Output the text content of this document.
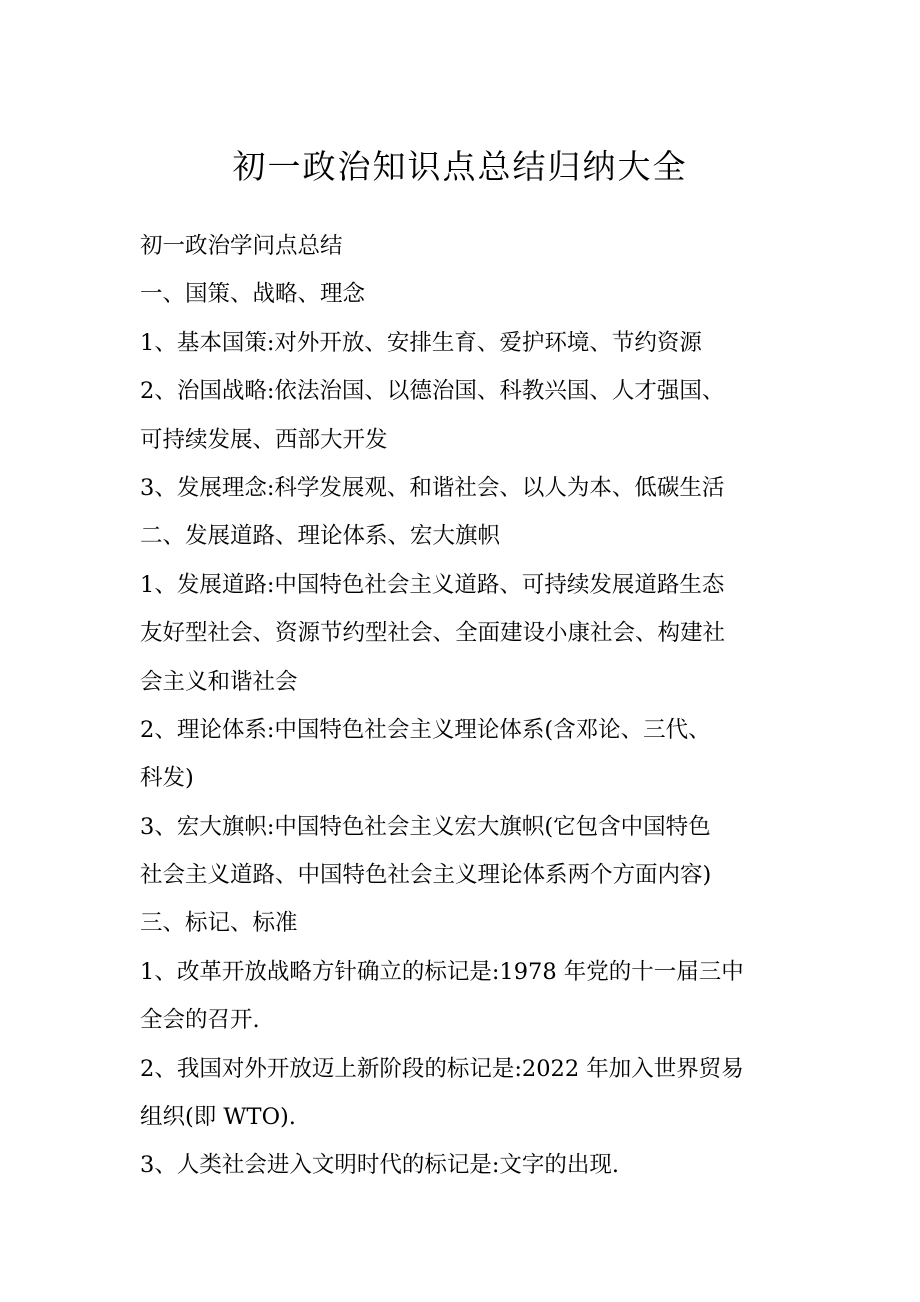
初一政治知识点总结归纳大全
初一政治学问点总结
一、国策、战略、理念
1、基本国策:对外开放、安排生育、爱护环境、节约资源
2、治国战略:依法治国、以德治国、科教兴国、人才强国、
可持续发展、西部大开发
3、发展理念:科学发展观、和谐社会、以人为本、低碳生活
二、发展道路、理论体系、宏大旗帜
1、发展道路:中国特色社会主义道路、可持续发展道路生态
友好型社会、资源节约型社会、全面建设小康社会、构建社
会主义和谐社会
2、理论体系:中国特色社会主义理论体系(含邓论、三代、
科发)
3、宏大旗帜:中国特色社会主义宏大旗帜(它包含中国特色
社会主义道路、中国特色社会主义理论体系两个方面内容)
三、标记、标准
1、改革开放战略方针确立的标记是:1978 年党的十一届三中
全会的召开.
2、我国对外开放迈上新阶段的标记是:2022 年加入世界贸易
组织(即 WTO).
3、人类社会进入文明时代的标记是:文字的出现.
